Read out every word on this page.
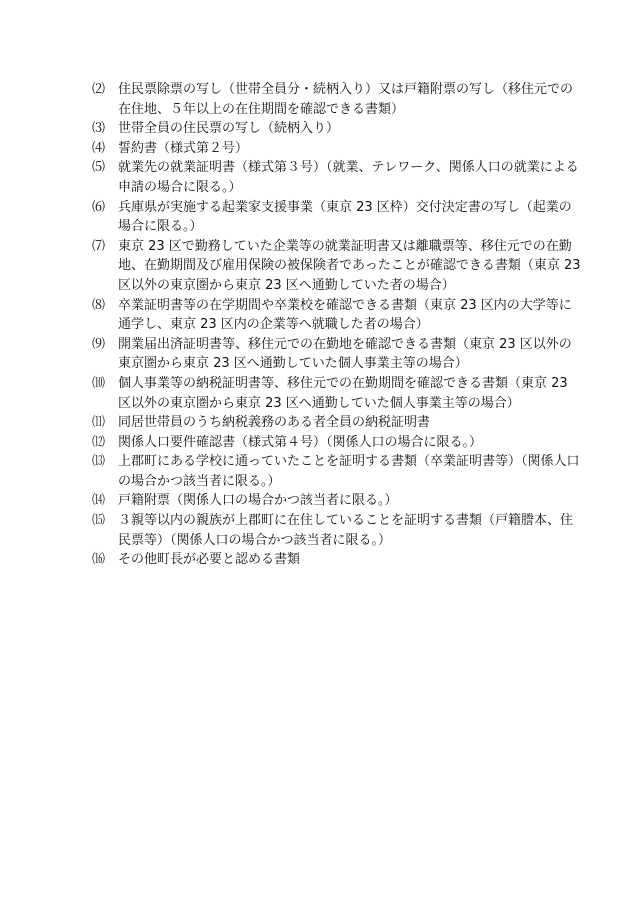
⑵ 住民票除票の写し（世帯全員分・続柄入り）又は戸籍附票の写し（移住元での在住地、５年以上の在住期間を確認できる書類）
⑶ 世帯全員の住民票の写し（続柄入り）
⑷ 誓約書（様式第２号）
⑸ 就業先の就業証明書（様式第３号）（就業、テレワーク、関係人口の就業による申請の場合に限る。）
⑹ 兵庫県が実施する起業家支援事業（東京 23 区枠）交付決定書の写し（起業の場合に限る。）
⑺ 東京 23 区で勤務していた企業等の就業証明書又は離職票等、移住元での在勤地、在勤期間及び雇用保険の被保険者であったことが確認できる書類（東京 23 区以外の東京圏から東京 23 区へ通勤していた者の場合）
⑻ 卒業証明書等の在学期間や卒業校を確認できる書類（東京 23 区内の大学等に通学し、東京 23 区内の企業等へ就職した者の場合）
⑼ 開業届出済証明書等、移住元での在勤地を確認できる書類（東京 23 区以外の東京圏から東京 23 区へ通勤していた個人事業主等の場合）
⑽ 個人事業等の納税証明書等、移住元での在勤期間を確認できる書類（東京 23 区以外の東京圏から東京 23 区へ通勤していた個人事業主等の場合）
⑾ 同居世帯員のうち納税義務のある者全員の納税証明書
⑿ 関係人口要件確認書（様式第４号）（関係人口の場合に限る。）
⒀ 上郡町にある学校に通っていたことを証明する書類（卒業証明書等）（関係人口の場合かつ該当者に限る。）
⒁ 戸籍附票（関係人口の場合かつ該当者に限る。）
⒂ ３親等以内の親族が上郡町に在住していることを証明する書類（戸籍謄本、住民票等）（関係人口の場合かつ該当者に限る。）
⒃ その他町長が必要と認める書類
